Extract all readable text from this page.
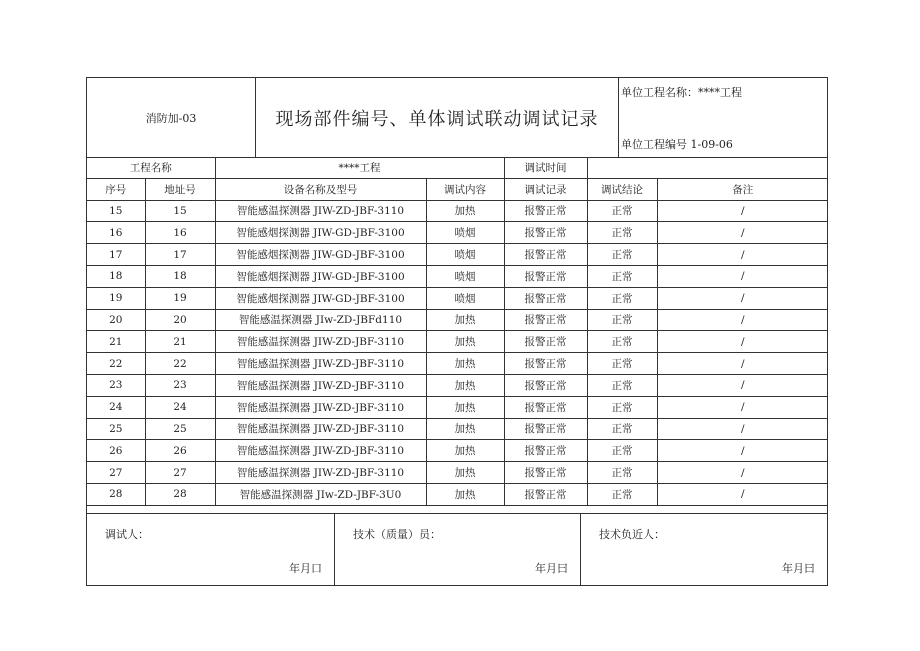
消防加-03	现场部件编号、单体调试联动调试记录
单位工程名称：****工程
单位工程编号 1-09-06
工程名称		****工程		调试时间		
序号	地址号	设备名称及型号	调试内容	调试记录	调试结论	备注
15	15	智能感温探测器 JIW-ZD-JBF-3110	加热	报警正常	正常	/
16	16	智能感烟探测器 JIW-GD-JBF-3100	喷烟	报警正常	正常	/
17	17	智能感烟探测器 JIW-GD-JBF-3100	喷烟	报警正常	正常	/
18	18	智能感烟探测器 JIW-GD-JBF-3100	喷烟	报警正常	正常	/
19	19	智能感烟探测器 JIW-GD-JBF-3100	喷烟	报警正常	正常	/
20	20	智能感温探测器 JIw-ZD-JBFd110	加热	报警正常	正常	/
21	21	智能感温探测器 JIW-ZD-JBF-3110	加热	报警正常	正常	/
22	22	智能感温探测器 JIW-ZD-JBF-3110	加热	报警正常	正常	/
23	23	智能感温探测器 JIW-ZD-JBF-3110	加热	报警正常	正常	/
24	24	智能感温探测器 JIW-ZD-JBF-3110	加热	报警正常	正常	/
25	25	智能感温探测器 JIW-ZD-JBF-3110	加热	报警正常	正常	/
26	26	智能感温探测器 JIW-ZD-JBF-3110	加热	报警正常	正常	/
27	27	智能感温探测器 JIW-ZD-JBF-3110	加热	报警正常	正常	/
28	28	智能感温探测器 JIw-ZD-JBF-3U0	加热	报警正常	正常	/
调试人：
年月口
技术（质量）员：
年月曰
技术负近人：
年月曰
